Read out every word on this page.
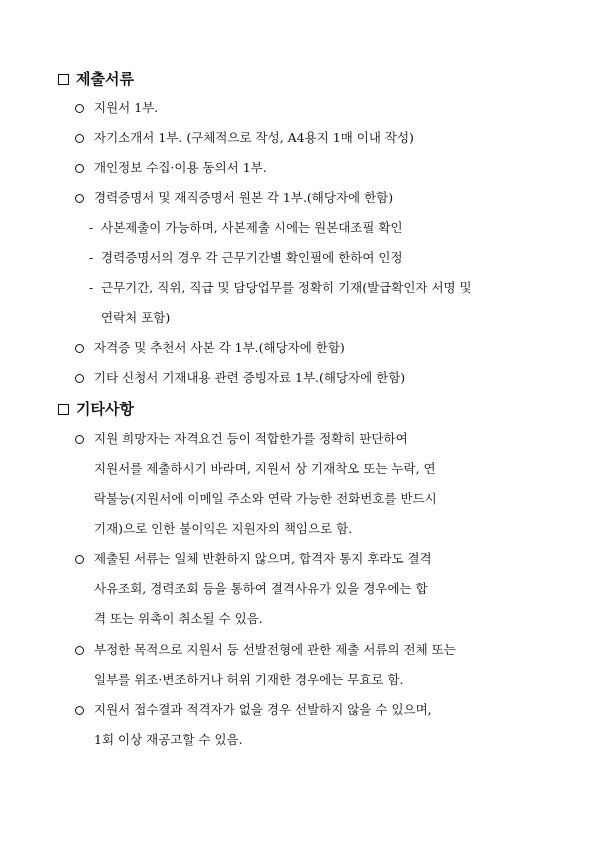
제출서류
지원서 1부.
자기소개서 1부. (구체적으로 작성, A4용지 1매 이내 작성)
개인정보 수집·이용 동의서 1부.
경력증명서 및 재직증명서 원본 각 1부.(해당자에 한함)
- 사본제출이 가능하며, 사본제출 시에는 원본대조필 확인
- 경력증명서의 경우 각 근무기간별 확인필에 한하여 인정
- 근무기간, 직위, 직급 및 담당업무를 정확히 기재(발급확인자 서명 및
연락처 포함)
자격증 및 추천서 사본 각 1부.(해당자에 한함)
기타 신청서 기재내용 관련 증빙자료 1부.(해당자에 한함)
기타사항
지원 희망자는 자격요건 등이 적합한가를 정확히 판단하여
지원서를 제출하시기 바라며, 지원서 상 기재착오 또는 누락, 연
락불능(지원서에 이메일 주소와 연락 가능한 전화번호를 반드시
기재)으로 인한 불이익은 지원자의 책임으로 함.
제출된 서류는 일체 반환하지 않으며, 합격자 통지 후라도 결격
사유조회, 경력조회 등을 통하여 결격사유가 있을 경우에는 합
격 또는 위촉이 취소될 수 있음.
부정한 목적으로 지원서 등 선발전형에 관한 제출 서류의 전체 또는
일부를 위조·변조하거나 허위 기재한 경우에는 무효로 함.
지원서 접수결과 적격자가 없을 경우 선발하지 않을 수 있으며,
1회 이상 재공고할 수 있음.
